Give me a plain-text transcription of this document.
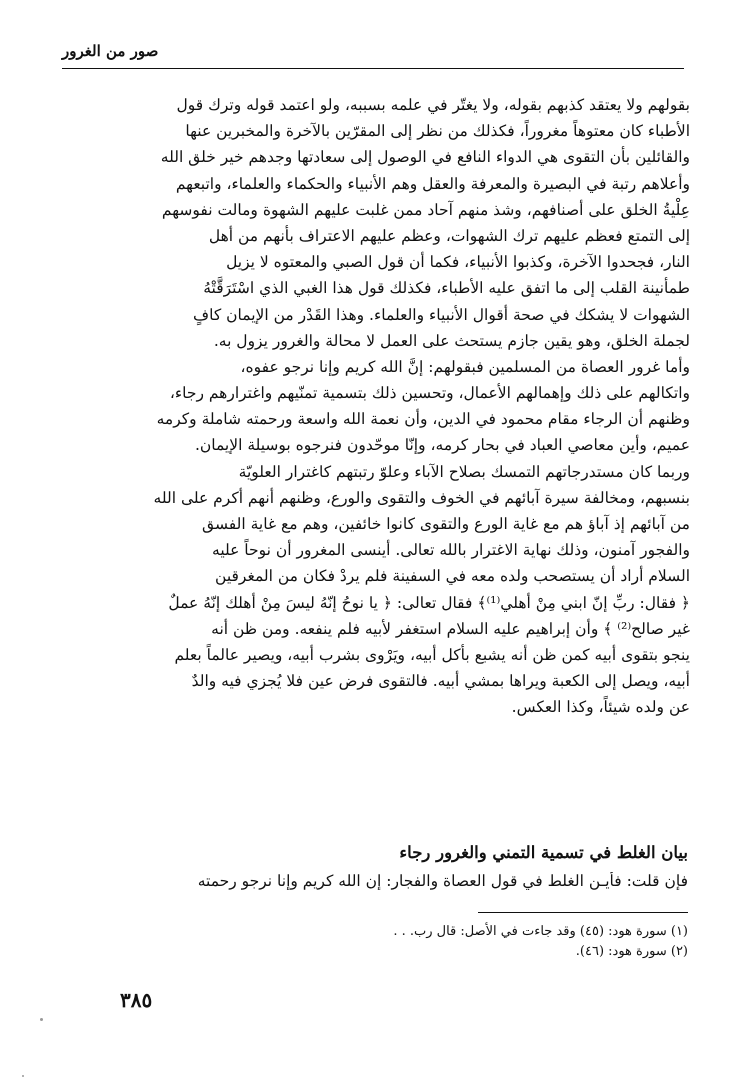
صور من الغرور
بقولهم ولا يعتقد كذبهم بقوله، ولا يغتّر في علمه بسببه، ولو اعتمد قوله وترك قول
الأطباء كان معتوهاً مغروراً، فكذلك من نظر إلى المقرّين بالآخرة والمخبرين عنها
والقائلين بأن التقوى هي الدواء النافع في الوصول إلى سعادتها وجدهم خير خلق الله
وأعلاهم رتبة في البصيرة والمعرفة والعقل وهم الأنبياء والحكماء والعلماء، واتبعهم
عِلْيةُ الخلق على أصنافهم، وشذ منهم آحاد ممن غلبت عليهم الشهوة ومالت نفوسهم
إلى التمتع فعظم عليهم ترك الشهوات، وعظم عليهم الاعتراف بأنهم من أهل
النار، فجحدوا الآخرة، وكذبوا الأنبياء، فكما أن قول الصبي والمعتوه لا يزيل
طمأنينة القلب إلى ما اتفق عليه الأطباء، فكذلك قول هذا الغبي الذي اسْتَرَقَّتْهُ
الشهوات لا يشكك في صحة أقوال الأنبياء والعلماء. وهذا القَدْر من الإيمان كافٍ
لجملة الخلق، وهو يقين جازم يستحث على العمل لا محالة والغرور يزول به.
وأما غرور العصاة من المسلمين فبقولهم: إنَّ الله كريم وإنا نرجو عفوه،
واتكالهم على ذلك وإهمالهم الأعمال، وتحسين ذلك بتسمية تمنّيهم واغترارهم رجاء،
وظنهم أن الرجاء مقام محمود في الدين، وأن نعمة الله واسعة ورحمته شاملة وكرمه
عميم، وأين معاصي العباد في بحار كرمه، وإنّا موحّدون فنرجوه بوسيلة الإيمان.
وربما كان مستدرجاتهم التمسك بصلاح الآباء وعلوّ رتبتهم كاغترار العلويّة
بنسبهم، ومخالفة سيرة آبائهم في الخوف والتقوى والورع، وظنهم أنهم أكرم على الله
من آبائهم إذ آباؤ هم مع غاية الورع والتقوى كانوا خائفين، وهم مع غاية الفسق
والفجور آمنون، وذلك نهاية الاغترار بالله تعالى. أينسى المغرور أن نوحاً عليه
السلام أراد أن يستصحب ولده معه في السفينة فلم يردْ فكان من المغرقين
﴿ فقال: ربِّ إنّ ابني مِنْ أهلي⁽¹⁾﴾ فقال تعالى: ﴿ يا نوحُ إنّهُ ليسَ مِنْ أهلك إنّهُ عملٌ
غير صالح⁽²⁾ ﴾ وأن إبراهيم عليه السلام استغفر لأبيه فلم ينفعه. ومن ظن أنه
ينجو بتقوى أبيه كمن ظن أنه يشبع بأكل أبيه، ويَرْوى بشرب أبيه، ويصير عالماً بعلم
أبيه، ويصل إلى الكعبة ويراها بمشي أبيه. فالتقوى فرض عين فلا يُجزي فيه والدٌ
عن ولده شيئاً، وكذا العكس.
بيان الغلط في تسمية التمني والغرور رجاء
فإن قلت: فأيـن الغلط في قول العصاة والفجار: إن الله كريم وإنا نرجو رحمته
(١) سورة هود: (٤٥) وقد جاءت في الأصل: قال رب. . .
(٢) سورة هود: (٤٦).
٣٨٥
